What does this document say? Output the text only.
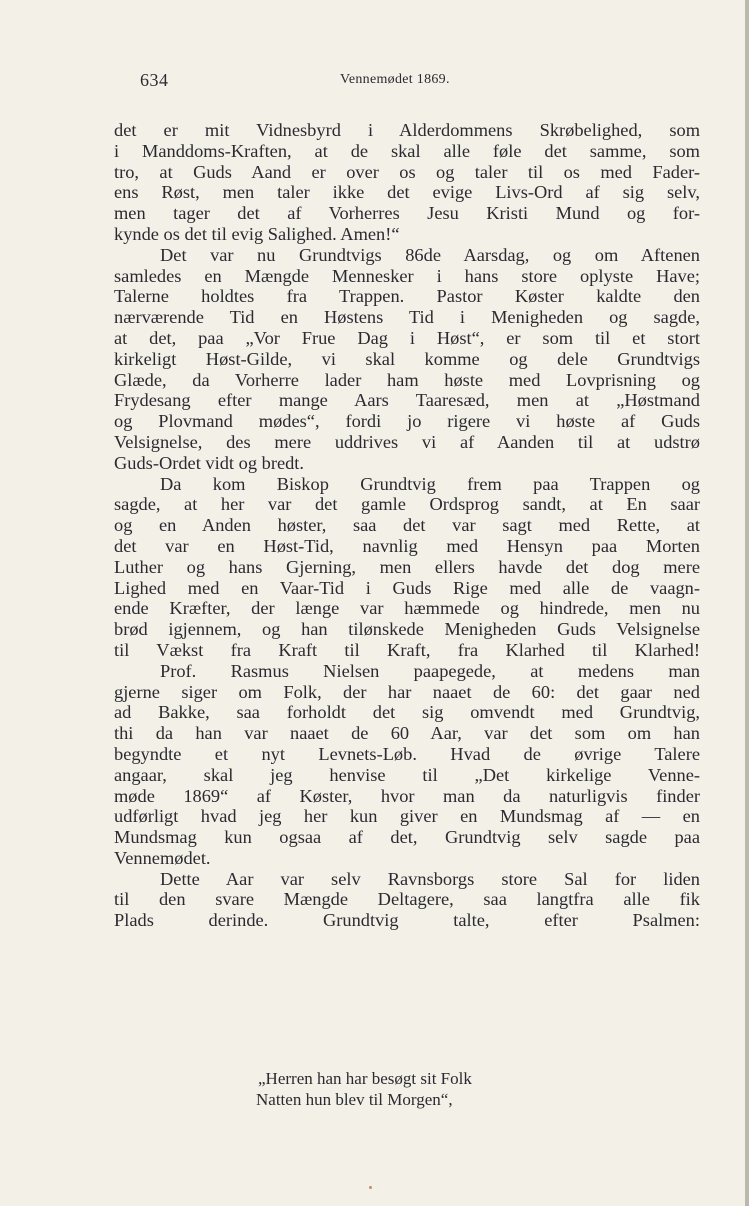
634	Vennemødet 1869.
det er mit Vidnesbyrd i Alderdommens Skrøbelighed, som
i Manddoms-Kraften, at de skal alle føle det samme, som
tro, at Guds Aand er over os og taler til os med Fader-
ens Røst, men taler ikke det evige Livs-Ord af sig selv,
men tager det af Vorherres Jesu Kristi Mund og for-
kynde os det til evig Salighed. Amen!“
Det var nu Grundtvigs 86de Aarsdag, og om Aftenen
samledes en Mængde Mennesker i hans store oplyste Have;
Talerne holdtes fra Trappen. Pastor Køster kaldte den
nærværende Tid en Høstens Tid i Menigheden og sagde,
at det, paa „Vor Frue Dag i Høst“, er som til et stort
kirkeligt Høst-Gilde, vi skal komme og dele Grundtvigs
Glæde, da Vorherre lader ham høste med Lovprisning og
Frydesang efter mange Aars Taaresæd, men at „Høstmand
og Plovmand mødes“, fordi jo rigere vi høste af Guds
Velsignelse, des mere uddrives vi af Aanden til at udstrø
Guds-Ordet vidt og bredt.
Da kom Biskop Grundtvig frem paa Trappen og
sagde, at her var det gamle Ordsprog sandt, at En saar
og en Anden høster, saa det var sagt med Rette, at
det var en Høst-Tid, navnlig med Hensyn paa Morten
Luther og hans Gjerning, men ellers havde det dog mere
Lighed med en Vaar-Tid i Guds Rige med alle de vaagn-
ende Kræfter, der længe var hæmmede og hindrede, men nu
brød igjennem, og han tilønskede Menigheden Guds Velsignelse
til Vækst fra Kraft til Kraft, fra Klarhed til Klarhed!
Prof. Rasmus Nielsen paapegede, at medens man
gjerne siger om Folk, der har naaet de 60: det gaar ned
ad Bakke, saa forholdt det sig omvendt med Grundtvig,
thi da han var naaet de 60 Aar, var det som om han
begyndte et nyt Levnets-Løb. Hvad de øvrige Talere
angaar, skal jeg henvise til „Det kirkelige Venne-
møde 1869“ af Køster, hvor man da naturligvis finder
udførligt hvad jeg her kun giver en Mundsmag af — en
Mundsmag kun ogsaa af det, Grundtvig selv sagde paa
Vennemødet.
Dette Aar var selv Ravnsborgs store Sal for liden
til den svare Mængde Deltagere, saa langtfra alle fik
Plads derinde. Grundtvig talte, efter Psalmen:
„Herren han har besøgt sit Folk
Natten hun blev til Morgen“,
